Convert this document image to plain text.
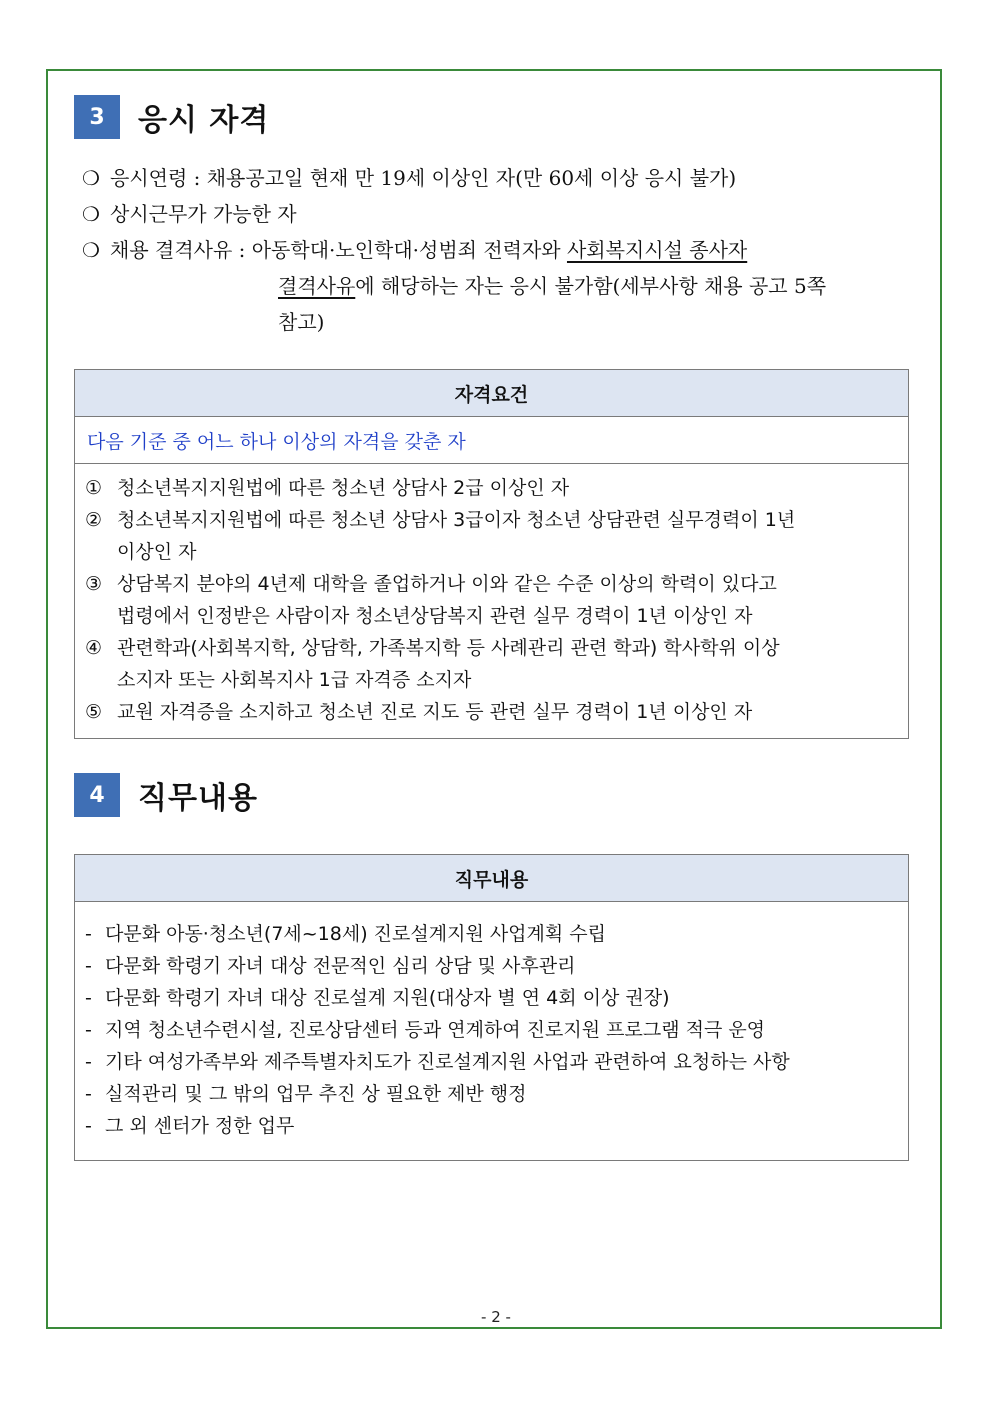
3	응시 자격
❍ 응시연령 : 채용공고일 현재 만 19세 이상인 자(만 60세 이상 응시 불가)
❍ 상시근무가 가능한 자
❍ 채용 결격사유 : 아동학대·노인학대·성범죄 전력자와 사회복지시설 종사자
결격사유에 해당하는 자는 응시 불가함(세부사항 채용 공고 5쪽
참고)
자격요건
다음 기준 중 어느 하나 이상의 자격을 갖춘 자

① 청소년복지지원법에 따른 청소년 상담사 2급 이상인 자
② 청소년복지지원법에 따른 청소년 상담사 3급이자 청소년 상담관련 실무경력이 1년
이상인 자
③ 상담복지 분야의 4년제 대학을 졸업하거나 이와 같은 수준 이상의 학력이 있다고
법령에서 인정받은 사람이자 청소년상담복지 관련 실무 경력이 1년 이상인 자
④ 관련학과(사회복지학, 상담학, 가족복지학 등 사례관리 관련 학과) 학사학위 이상
소지자 또는 사회복지사 1급 자격증 소지자
⑤ 교원 자격증을 소지하고 청소년 진로 지도 등 관련 실무 경력이 1년 이상인 자
4	직무내용
직무내용

- 다문화 아동·청소년(7세~18세) 진로설계지원 사업계획 수립
- 다문화 학령기 자녀 대상 전문적인 심리 상담 및 사후관리
- 다문화 학령기 자녀 대상 진로설계 지원(대상자 별 연 4회 이상 권장)
- 지역 청소년수련시설, 진로상담센터 등과 연계하여 진로지원 프로그램 적극 운영
- 기타 여성가족부와 제주특별자치도가 진로설계지원 사업과 관련하여 요청하는 사항
- 실적관리 및 그 밖의 업무 추진 상 필요한 제반 행정
- 그 외 센터가 정한 업무
- 2 -
